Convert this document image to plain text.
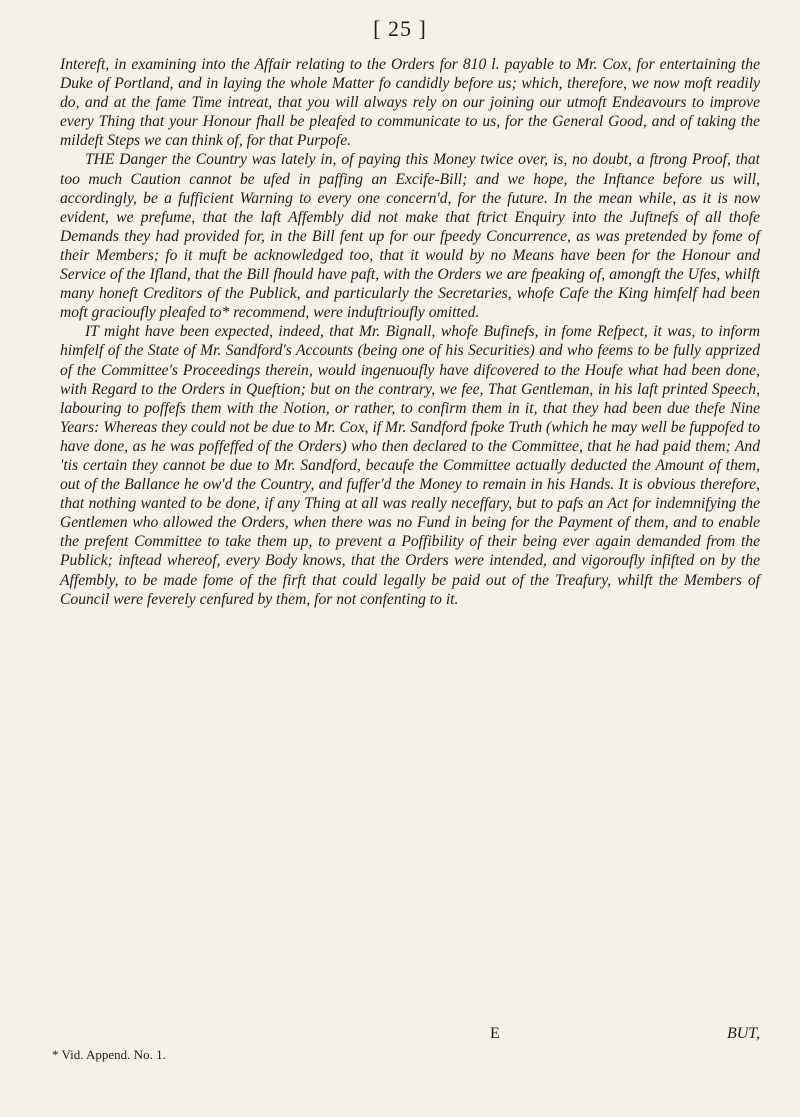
[ 25 ]

Intereft, in examining into the Affair relating to the Orders for 810 l. payable to Mr. Cox, for entertaining the Duke of Portland, and in laying the whole Matter fo candidly before us; which, therefore, we now moft readily do, and at the fame Time intreat, that you will always rely on our joining our utmoft Endeavours to improve every Thing that your Honour fhall be pleafed to communicate to us, for the General Good, and of taking the mildeft Steps we can think of, for that Purpofe.

THE Danger the Country was lately in, of paying this Money twice over, is, no doubt, a ftrong Proof, that too much Caution cannot be ufed in paffing an Excife-Bill; and we hope, the Inftance before us will, accordingly, be a fufficient Warning to every one concern'd, for the future. In the mean while, as it is now evident, we prefume, that the laft Affembly did not make that ftrict Enquiry into the Juftnefs of all thofe Demands they had provided for, in the Bill fent up for our fpeedy Concurrence, as was pretended by fome of their Members; fo it muft be acknowledged too, that it would by no Means have been for the Honour and Service of the Ifland, that the Bill fhould have paft, with the Orders we are fpeaking of, amongft the Ufes, whilft many honeft Creditors of the Publick, and particularly the Secretaries, whofe Cafe the King himfelf had been moft gracioufly pleafed to* recommend, were induftrioufly omitted.

IT might have been expected, indeed, that Mr. Bignall, whofe Bufinefs, in fome Refpect, it was, to inform himfelf of the State of Mr. Sandford's Accounts (being one of his Securities) and who feems to be fully apprized of the Committee's Proceedings therein, would ingenuoufly have difcovered to the Houfe what had been done, with Regard to the Orders in Queftion; but on the contrary, we fee, That Gentleman, in his laft printed Speech, labouring to poffefs them with the Notion, or rather, to confirm them in it, that they had been due thefe Nine Years: Whereas they could not be due to Mr. Cox, if Mr. Sandford fpoke Truth (which he may well be fuppofed to have done, as he was poffeffed of the Orders) who then declared to the Committee, that he had paid them; And 'tis certain they cannot be due to Mr. Sandford, becaufe the Committee actually deducted the Amount of them, out of the Ballance he ow'd the Country, and fuffer'd the Money to remain in his Hands. It is obvious therefore, that nothing wanted to be done, if any Thing at all was really neceffary, but to pafs an Act for indemnifying the Gentlemen who allowed the Orders, when there was no Fund in being for the Payment of them, and to enable the prefent Committee to take them up, to prevent a Poffibility of their being ever again demanded from the Publick; inftead whereof, every Body knows, that the Orders were intended, and vigoroufly infifted on by the Affembly, to be made fome of the firft that could legally be paid out of the Treafury, whilft the Members of Council were feverely cenfured by them, for not confenting to it.

E	BUT,
* Vid. Append. No. 1.
